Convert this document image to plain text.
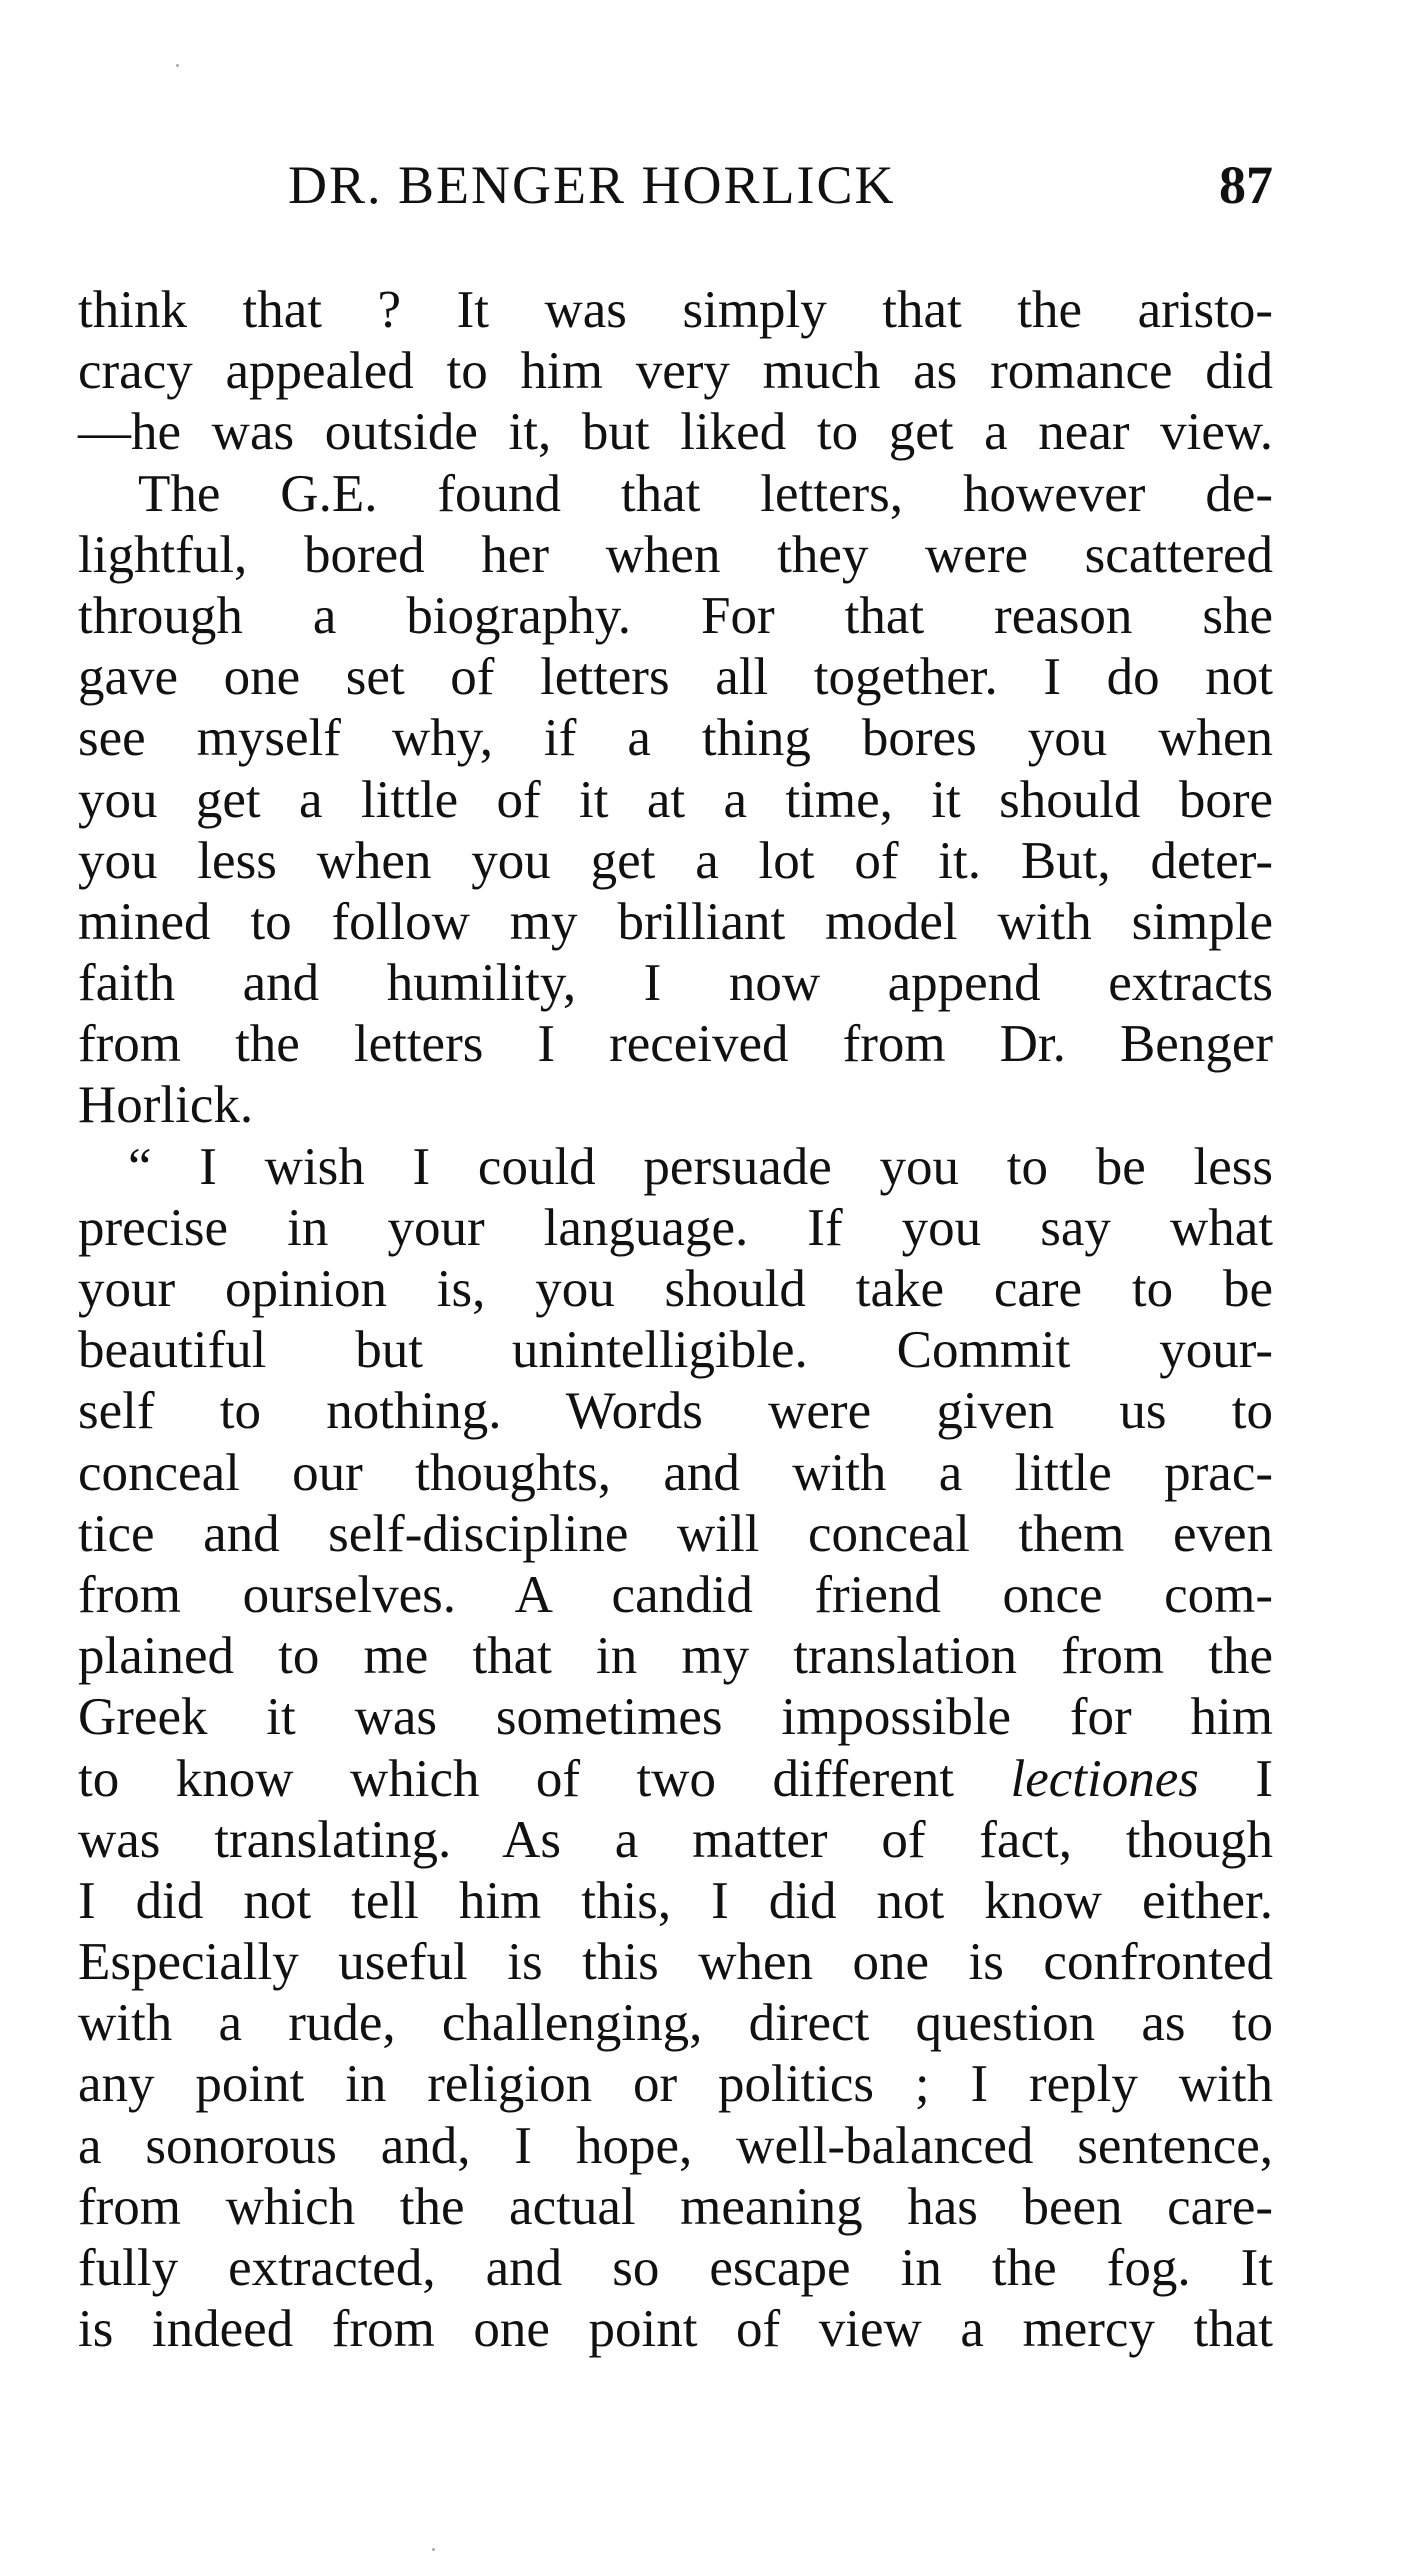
DR. BENGER HORLICK	87
think that ? It was simply that the aristo-
cracy appealed to him very much as romance did
—he was outside it, but liked to get a near view.
The G.E. found that letters, however de-
lightful, bored her when they were scattered
through a biography. For that reason she
gave one set of letters all together. I do not
see myself why, if a thing bores you when
you get a little of it at a time, it should bore
you less when you get a lot of it. But, deter-
mined to follow my brilliant model with simple
faith and humility, I now append extracts
from the letters I received from Dr. Benger
Horlick.
“ I wish I could persuade you to be less
precise in your language. If you say what
your opinion is, you should take care to be
beautiful but unintelligible. Commit your-
self to nothing. Words were given us to
conceal our thoughts, and with a little prac-
tice and self-discipline will conceal them even
from ourselves. A candid friend once com-
plained to me that in my translation from the
Greek it was sometimes impossible for him
to know which of two different lectiones I
was translating. As a matter of fact, though
I did not tell him this, I did not know either.
Especially useful is this when one is confronted
with a rude, challenging, direct question as to
any point in religion or politics ; I reply with
a sonorous and, I hope, well-balanced sentence,
from which the actual meaning has been care-
fully extracted, and so escape in the fog. It
is indeed from one point of view a mercy that
